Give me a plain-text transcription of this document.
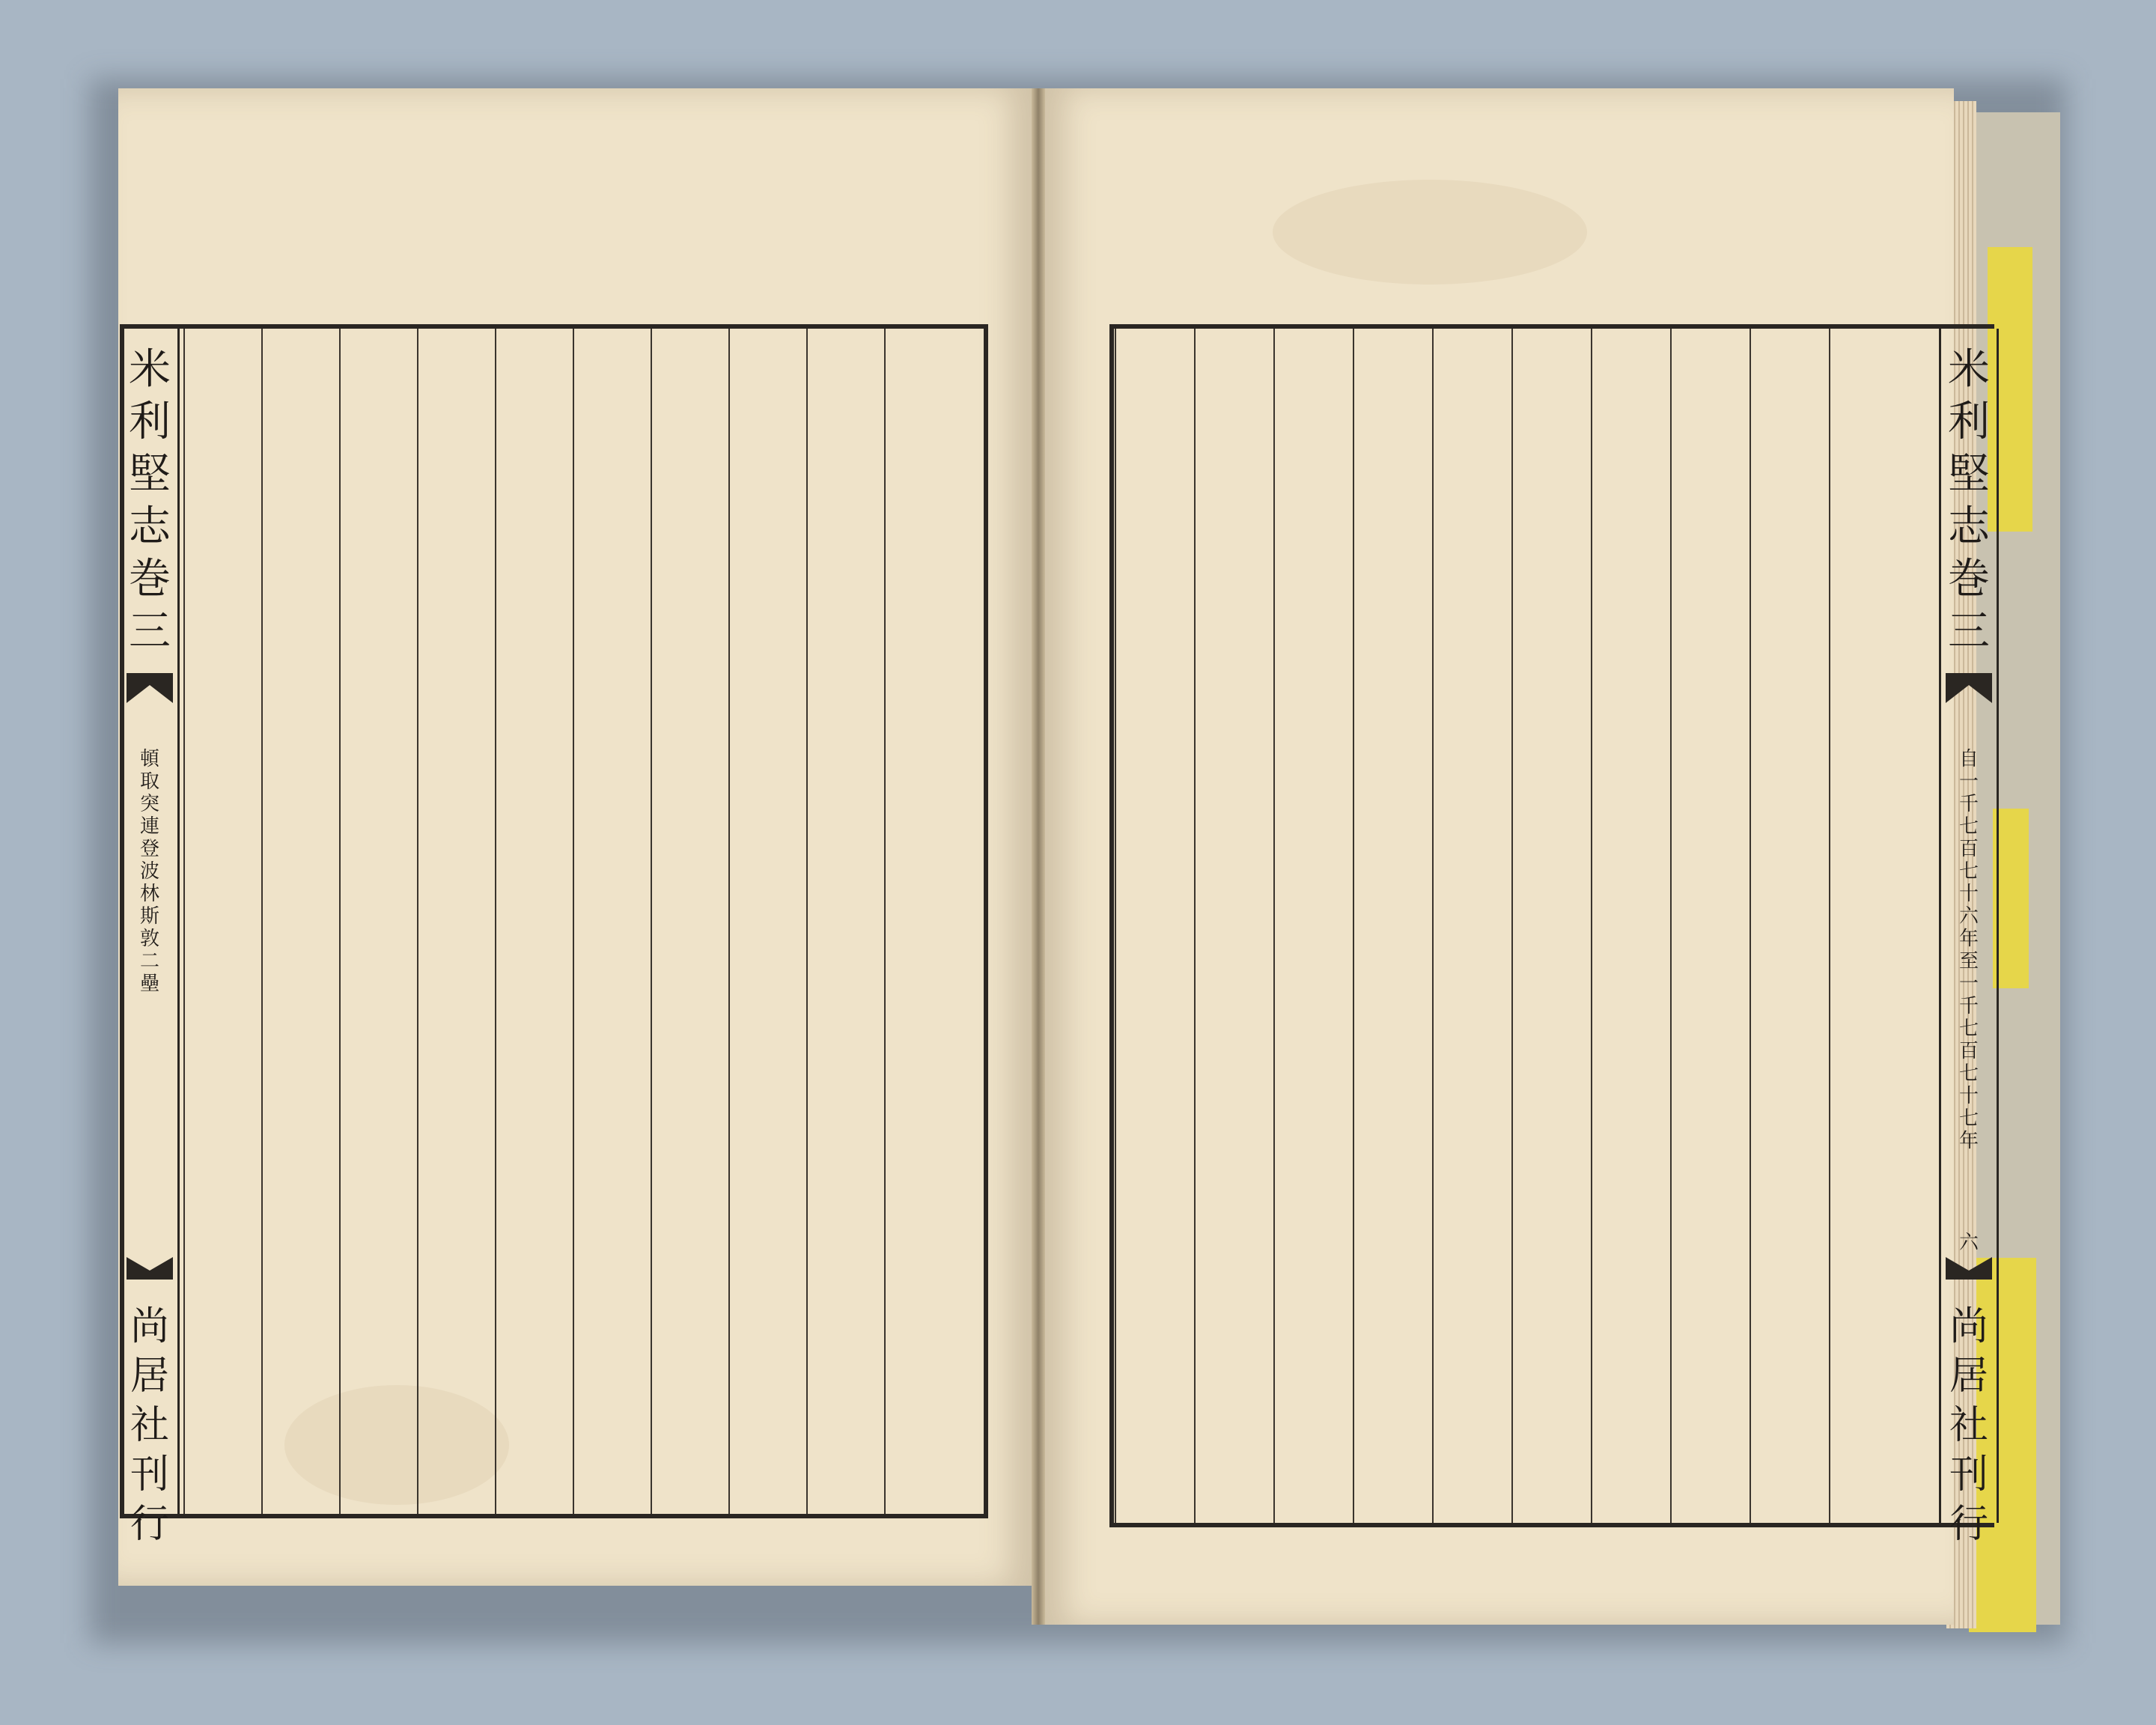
米
利
堅
志
巻
三
頓
取
突
連
登
波
林
斯
敦
二
壘
尚
居
社
刊
行
米
利
堅
志
巻
三
自
一
千
七
百
七
十
六
年
至
一
千
七
百
七
十
七
年
六
尚
居
社
刊
行
